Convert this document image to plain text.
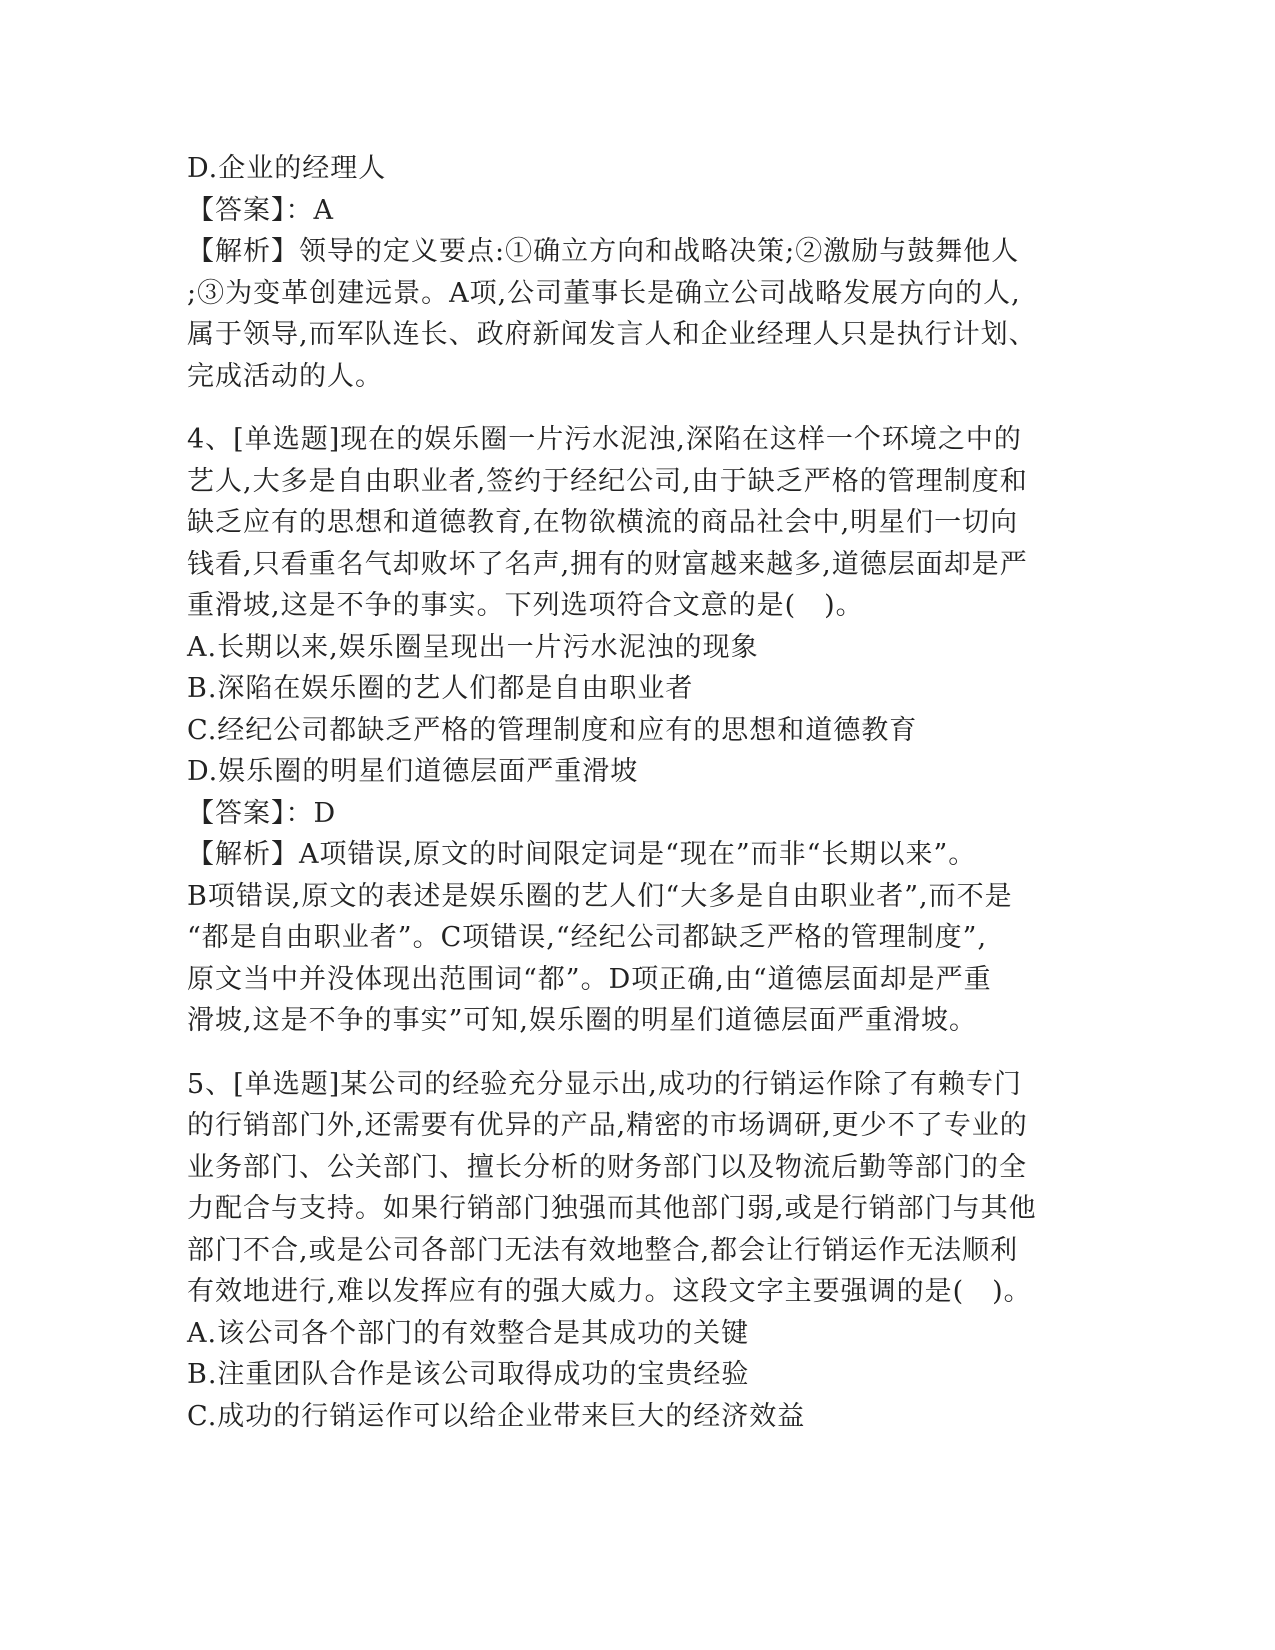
D.企业的经理人
【答案】：A
【解析】领导的定义要点:①确立方向和战略决策;②激励与鼓舞他人
;③为变革创建远景。A项,公司董事长是确立公司战略发展方向的人,
属于领导,而军队连长、政府新闻发言人和企业经理人只是执行计划、
完成活动的人。
4、[单选题]现在的娱乐圈一片污水泥浊,深陷在这样一个环境之中的
艺人,大多是自由职业者,签约于经纪公司,由于缺乏严格的管理制度和
缺乏应有的思想和道德教育,在物欲横流的商品社会中,明星们一切向
钱看,只看重名气却败坏了名声,拥有的财富越来越多,道德层面却是严
重滑坡,这是不争的事实。下列选项符合文意的是(　)。
A.长期以来,娱乐圈呈现出一片污水泥浊的现象
B.深陷在娱乐圈的艺人们都是自由职业者
C.经纪公司都缺乏严格的管理制度和应有的思想和道德教育
D.娱乐圈的明星们道德层面严重滑坡
【答案】：D
【解析】A项错误,原文的时间限定词是“现在”而非“长期以来”。
B项错误,原文的表述是娱乐圈的艺人们“大多是自由职业者”,而不是
“都是自由职业者”。C项错误,“经纪公司都缺乏严格的管理制度”,
原文当中并没体现出范围词“都”。D项正确,由“道德层面却是严重
滑坡,这是不争的事实”可知,娱乐圈的明星们道德层面严重滑坡。
5、[单选题]某公司的经验充分显示出,成功的行销运作除了有赖专门
的行销部门外,还需要有优异的产品,精密的市场调研,更少不了专业的
业务部门、公关部门、擅长分析的财务部门以及物流后勤等部门的全
力配合与支持。如果行销部门独强而其他部门弱,或是行销部门与其他
部门不合,或是公司各部门无法有效地整合,都会让行销运作无法顺利
有效地进行,难以发挥应有的强大威力。这段文字主要强调的是(　)。
A.该公司各个部门的有效整合是其成功的关键
B.注重团队合作是该公司取得成功的宝贵经验
C.成功的行销运作可以给企业带来巨大的经济效益
